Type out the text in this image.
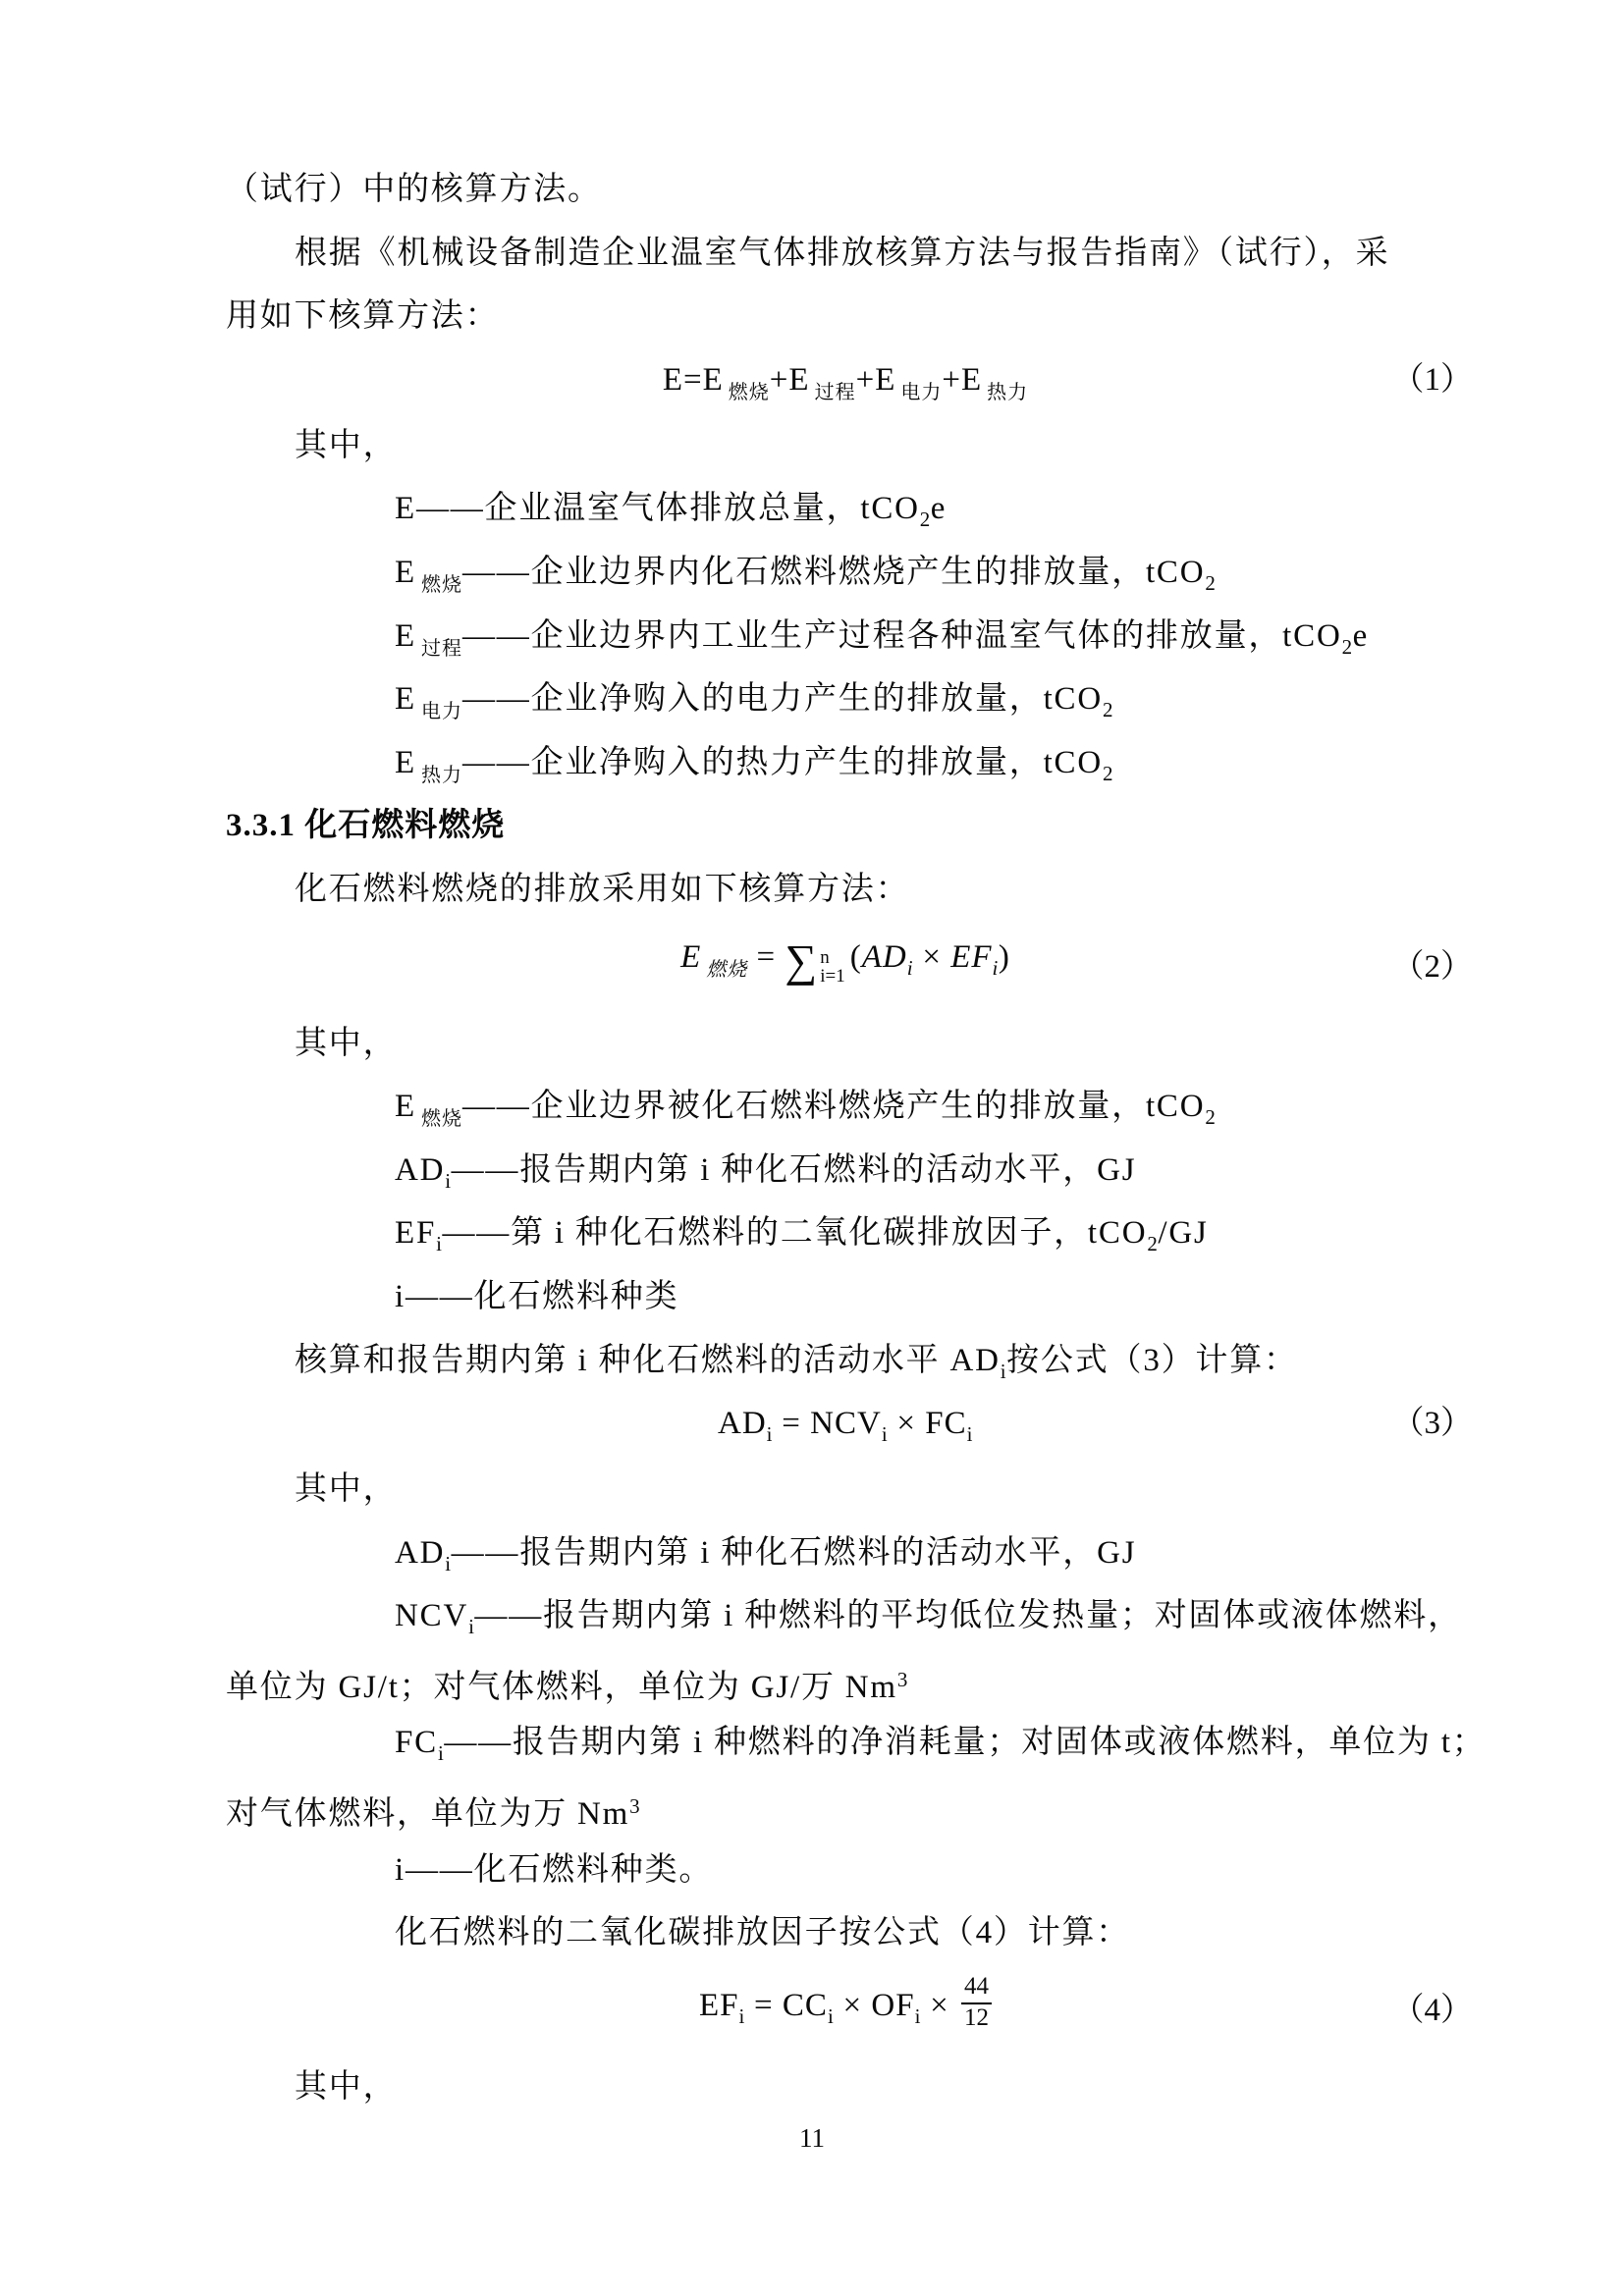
（试行）中的核算方法。
根据《机械设备制造企业温室气体排放核算方法与报告指南》（试行），采
用如下核算方法：
E=E $_{燃烧}$+E $_{过程}$+E $_{电力}$+E $_{热力}$	（1）
其中，
E——企业温室气体排放总量，tCO$_2$e
E $_{燃烧}$——企业边界内化石燃料燃烧产生的排放量，tCO$_2$
E $_{过程}$——企业边界内工业生产过程各种温室气体的排放量，tCO$_2$e
E $_{电力}$——企业净购入的电力产生的排放量，tCO$_2$
E $_{热力}$——企业净购入的热力产生的排放量，tCO$_2$
3.3.1 化石燃料燃烧
化石燃料燃烧的排放采用如下核算方法：
E $_{燃烧}$ = ∑ n
i=1
$(AD_i \times EF_i)$	（2）
其中，
E $_{燃烧}$——企业边界被化石燃料燃烧产生的排放量，tCO$_2$
$AD_i——$报告期内第 i 种化石燃料的活动水平，GJ
$EF_i——$第 i 种化石燃料的二氧化碳排放因子，tCO$_2$/GJ
i——化石燃料种类
核算和报告期内第 i 种化石燃料的活动水平 $AD_i$按公式（3）计算：
$AD_i = NCV_i \times FC_i$	（3）
其中，
$AD_i——$报告期内第 i 种化石燃料的活动水平，GJ
$NCV_i——$报告期内第 i 种燃料的平均低位发热量；对固体或液体燃料，
单位为 GJ/t；对气体燃料，单位为 GJ/万 Nm$^3$
$FC_i——$报告期内第 i 种燃料的净消耗量；对固体或液体燃料，单位为 t；
对气体燃料，单位为万 Nm$^3$
i——化石燃料种类。
化石燃料的二氧化碳排放因子按公式（4）计算：
$EF_i = CC_i \times OF_i \times \frac{44}{12}$	（4）
其中，
11
